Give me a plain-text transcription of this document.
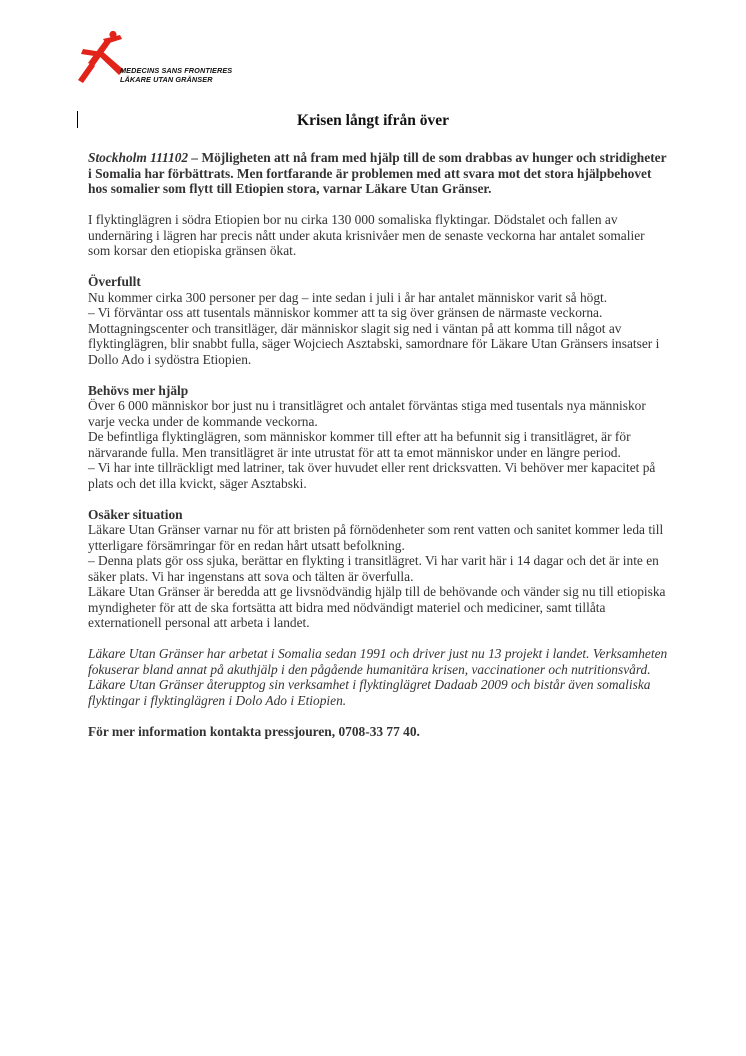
MEDECINS SANS FRONTIERES
LÄKARE UTAN GRÄNSER
Krisen långt ifrån över

Stockholm 111102 – Möjligheten att nå fram med hjälp till de som drabbas av hunger och stridigheter i Somalia har förbättrats. Men fortfarande är problemen med att svara mot det stora hjälpbehovet hos somalier som flytt till Etiopien stora, varnar Läkare Utan Gränser.

I flyktinglägren i södra Etiopien bor nu cirka 130 000 somaliska flyktingar. Dödstalet och fallen av undernäring i lägren har precis nått under akuta krisnivåer men de senaste veckorna har antalet somalier som korsar den etiopiska gränsen ökat.

Överfullt
Nu kommer cirka 300 personer per dag – inte sedan i juli i år har antalet människor varit så högt.
– Vi förväntar oss att tusentals människor kommer att ta sig över gränsen de närmaste veckorna. Mottagningscenter och transitläger, där människor slagit sig ned i väntan på att komma till något av flyktinglägren, blir snabbt fulla, säger Wojciech Asztabski, samordnare för Läkare Utan Gränsers insatser i Dollo Ado i sydöstra Etiopien.
Behövs mer hjälp
Över 6 000 människor bor just nu i transitlägret och antalet förväntas stiga med tusentals nya människor varje vecka under de kommande veckorna.
De befintliga flyktinglägren, som människor kommer till efter att ha befunnit sig i transitlägret, är för närvarande fulla. Men transitlägret är inte utrustat för att ta emot människor under en längre period.
– Vi har inte tillräckligt med latriner, tak över huvudet eller rent dricksvatten. Vi behöver mer kapacitet på plats och det illa kvickt, säger Asztabski.
Osäker situation
Läkare Utan Gränser varnar nu för att bristen på förnödenheter som rent vatten och sanitet kommer leda till ytterligare försämringar för en redan hårt utsatt befolkning.
– Denna plats gör oss sjuka, berättar en flykting i transitlägret. Vi har varit här i 14 dagar och det är inte en säker plats. Vi har ingenstans att sova och tälten är överfulla.
Läkare Utan Gränser är beredda att ge livsnödvändig hjälp till de behövande och vänder sig nu till etiopiska myndigheter för att de ska fortsätta att bidra med nödvändigt materiel och mediciner, samt tillåta externationell personal att arbeta i landet.

Läkare Utan Gränser har arbetat i Somalia sedan 1991 och driver just nu 13 projekt i landet. Verksamheten fokuserar bland annat på akuthjälp i den pågående humanitära krisen, vaccinationer och nutritionsvård. Läkare Utan Gränser återupptog sin verksamhet i flyktinglägret Dadaab 2009 och bistår även somaliska flyktingar i flyktinglägren i Dolo Ado i Etiopien.

För mer information kontakta pressjouren, 0708-33 77 40.
